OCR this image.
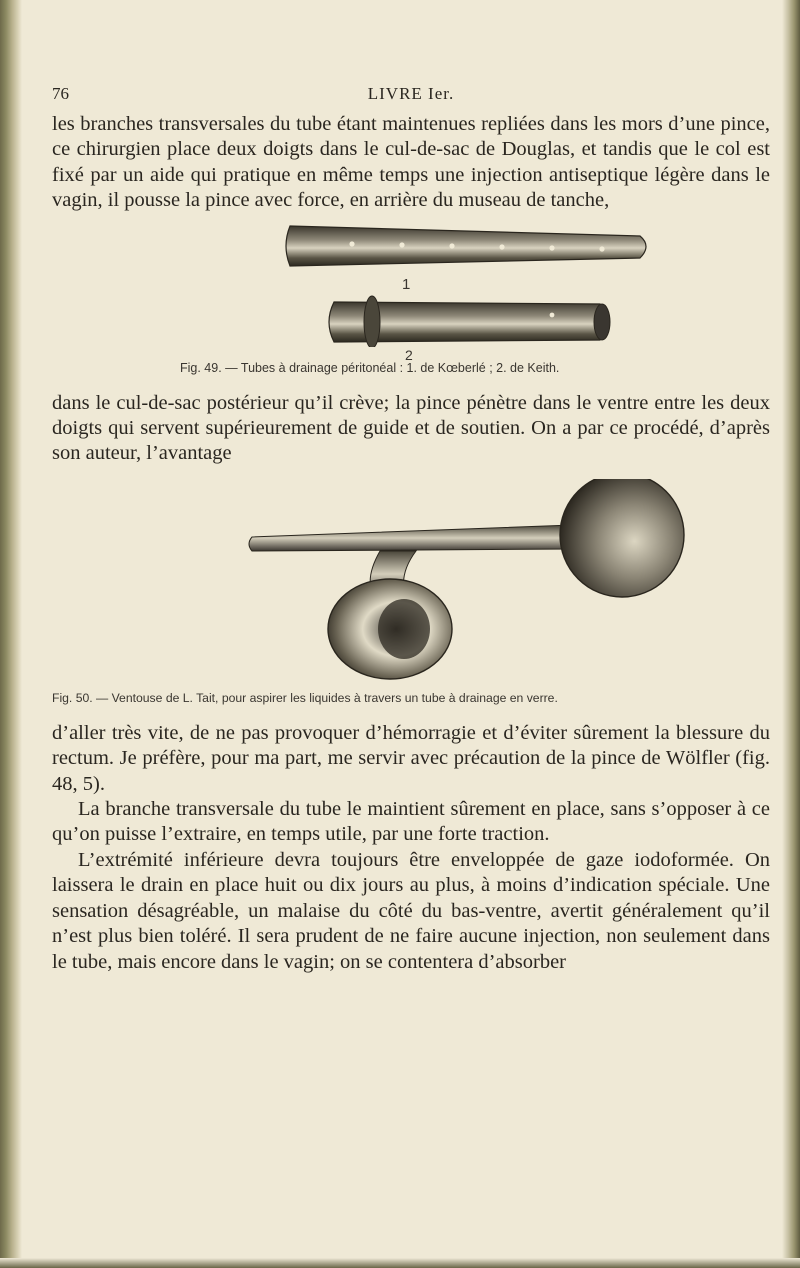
76	LIVRE Ier.

les branches transversales du tube étant maintenues repliées dans les mors d’une pince, ce chirurgien place deux doigts dans le cul-de-sac de Douglas, et tandis que le col est fixé par un aide qui pratique en même temps une injection antiseptique légère dans le vagin, il pousse la pince avec force, en arrière du museau de tanche,

1
2
Fig. 49. — Tubes à drainage péritonéal : 1. de Kœberlé ; 2. de Keith.

dans le cul-de-sac postérieur qu’il crève; la pince pénètre dans le ventre entre les deux doigts qui servent supérieurement de guide et de soutien. On a par ce procédé, d’après son auteur, l’avantage

Fig. 50. — Ventouse de L. Tait, pour aspirer les liquides à travers un tube à drainage en verre.

d’aller très vite, de ne pas provoquer d’hémorragie et d’éviter sûrement la blessure du rectum. Je préfère, pour ma part, me servir avec précaution de la pince de Wölfler (fig. 48, 5).

La branche transversale du tube le maintient sûrement en place, sans s’opposer à ce qu’on puisse l’extraire, en temps utile, par une forte traction.

L’extrémité inférieure devra toujours être enveloppée de gaze iodoformée. On laissera le drain en place huit ou dix jours au plus, à moins d’indication spéciale. Une sensation désagréable, un malaise du côté du bas-ventre, avertit généralement qu’il n’est plus bien toléré. Il sera prudent de ne faire aucune injection, non seulement dans le tube, mais encore dans le vagin; on se contentera d’absorber
